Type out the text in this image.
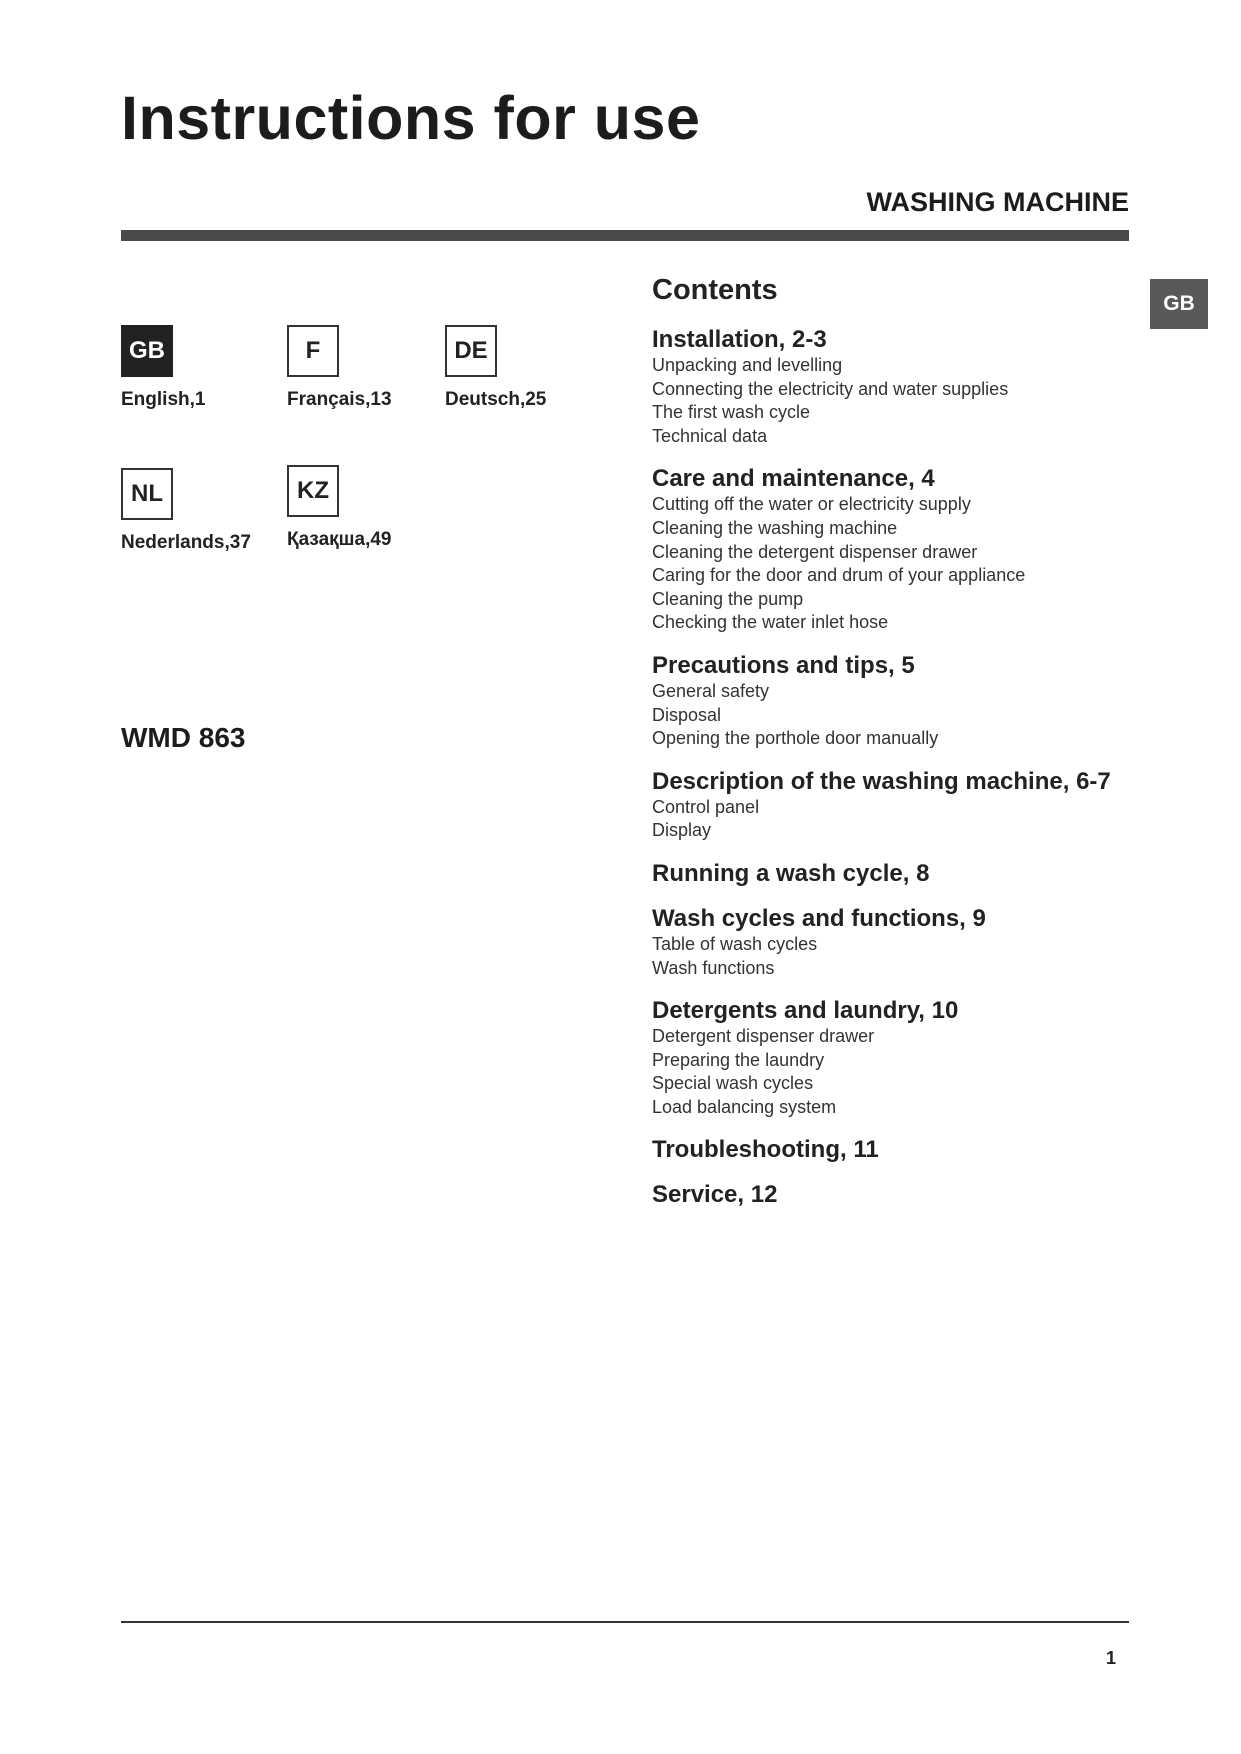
Instructions for use
WASHING MACHINE
GB
GB
English,1
F
Français,13
DE
Deutsch,25
NL
Nederlands,37
KZ
Қазақша,49
WMD 863
Contents
Installation, 2-3
Unpacking and levelling
Connecting the electricity and water supplies
The first wash cycle
Technical data
Care and maintenance, 4
Cutting off the water or electricity supply
Cleaning the washing machine
Cleaning the detergent dispenser drawer
Caring for the door and drum of your appliance
Cleaning the pump
Checking the water inlet hose
Precautions and tips, 5
General safety
Disposal
Opening the porthole door manually
Description of the washing machine, 6-7
Control panel
Display
Running a wash cycle, 8
Wash cycles and functions, 9
Table of wash cycles
Wash functions
Detergents and laundry, 10
Detergent dispenser drawer
Preparing the laundry
Special wash cycles
Load balancing system
Troubleshooting, 11
Service, 12
1
